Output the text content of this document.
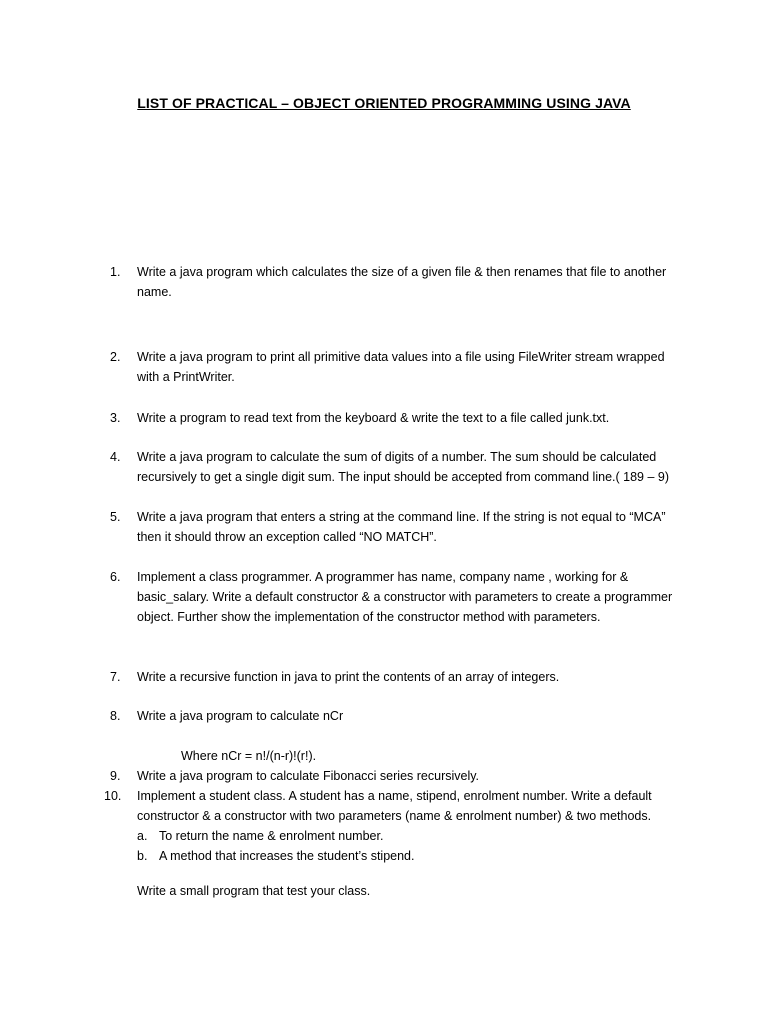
LIST OF PRACTICAL – OBJECT ORIENTED PROGRAMMING USING JAVA
1.	Write a java program which calculates the size of a given file & then renames that file to another name.
2.	Write a java program to print all primitive data values into a file using FileWriter stream wrapped with a PrintWriter.
3.	Write a program to read text from the keyboard & write the text to a file called junk.txt.
4.	Write a java program to calculate the sum of digits of a number. The sum should be calculated recursively to get a single digit sum. The input should be accepted from command line.( 189 – 9)
5.	Write a java program that enters a string at the command line. If the string is not equal to “MCA” then it should throw an exception called “NO MATCH”.
6.	Implement a class programmer. A programmer has name, company name , working for & basic_salary. Write a default constructor & a constructor with parameters to create a programmer object. Further show the implementation of the constructor method with parameters.
7.	Write a recursive function in java to print the contents of an array of integers.
8.	Write a java program to calculate nCr
Where nCr = n!/(n-r)!(r!).
9.	Write a java program to calculate Fibonacci series recursively.
10.	Implement a student class. A student has a name, stipend, enrolment number. Write a default constructor & a constructor with two parameters (name & enrolment number) & two methods.
a. To return the name & enrolment number.
b. A method that increases the student’s stipend.
Write a small program that test your class.
